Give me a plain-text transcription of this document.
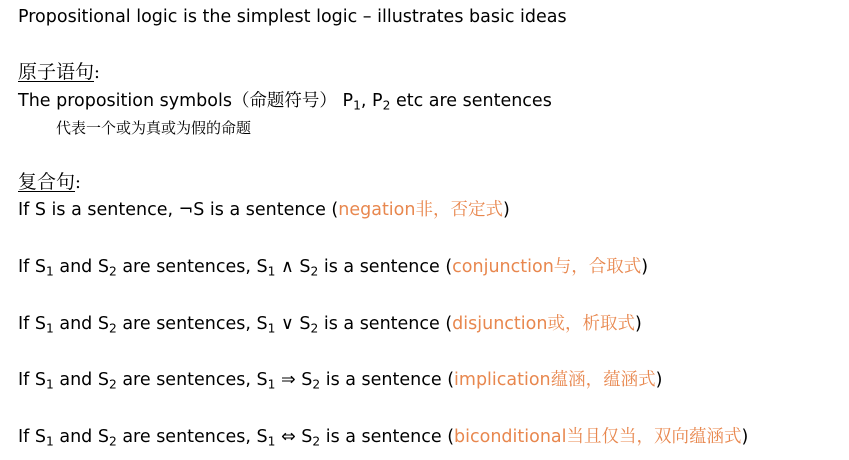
Propositional logic is the simplest logic – illustrates basic ideas
原子语句:
The proposition symbols（命题符号） $P_1$, $P_2$ etc are sentences
代表一个或为真或为假的命题
复合句:
If S is a sentence, ¬S is a sentence (negation非，否定式)
If $S_1$ and $S_2$ are sentences, $S_1$ ∧ $S_2$ is a sentence (conjunction与，合取式)
If $S_1$ and $S_2$ are sentences, $S_1$ ∨ $S_2$ is a sentence (disjunction或，析取式)
If $S_1$ and $S_2$ are sentences, $S_1$ ⇒ $S_2$ is a sentence (implication蕴涵，蕴涵式)
If $S_1$ and $S_2$ are sentences, $S_1$ ⇔ $S_2$ is a sentence (biconditional当且仅当，双向蕴涵式)
